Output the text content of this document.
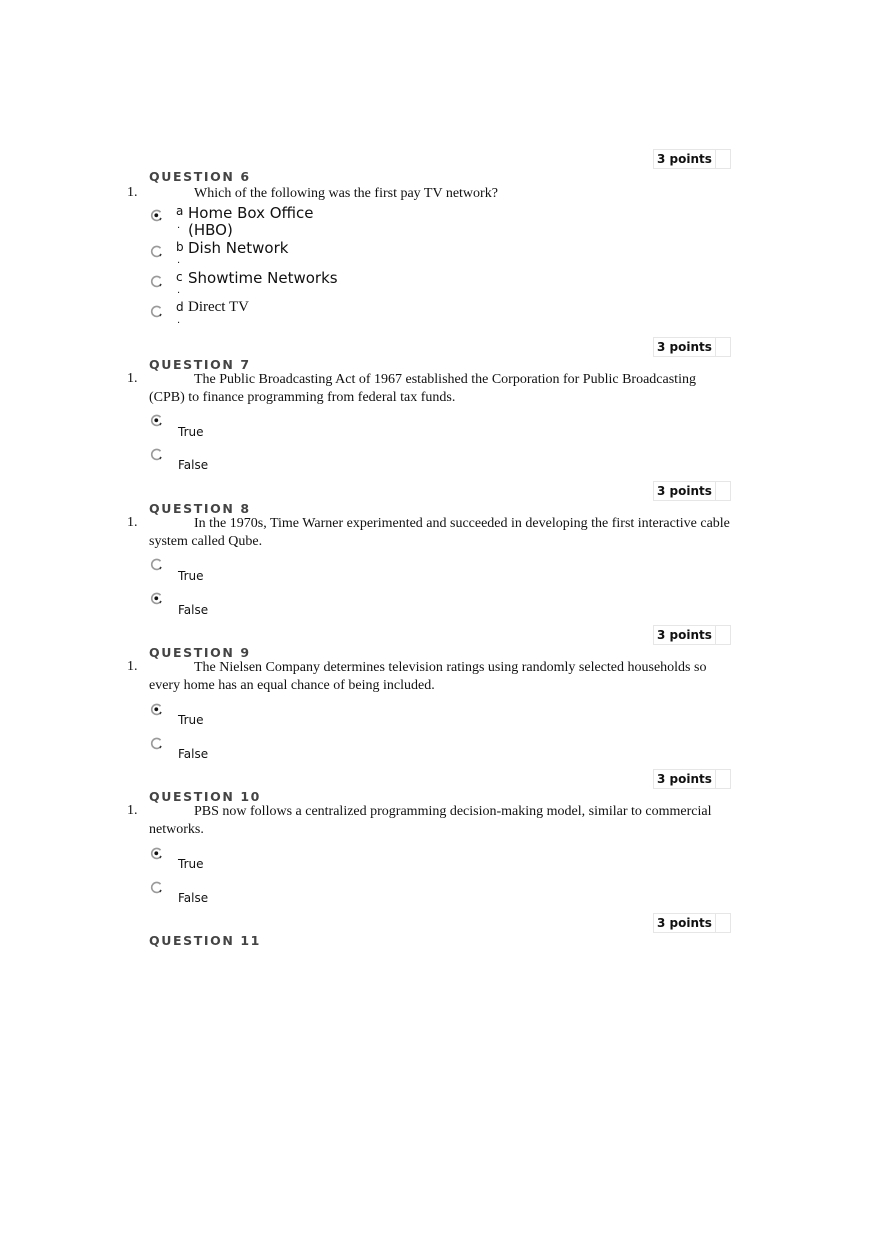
3 points
QUESTION 6
1.	Which of the following was the first pay TV network?
a
.
Home Box Office
(HBO)
b
.
Dish Network
c
.
Showtime Networks
d
.
Direct TV
3 points
QUESTION 7
1.	The Public Broadcasting Act of 1967 established the Corporation for Public Broadcasting (CPB) to finance programming from federal tax funds.
True
False
3 points
QUESTION 8
1.	In the 1970s, Time Warner experimented and succeeded in developing the first interactive cable system called Qube.
True
False
3 points
QUESTION 9
1.	The Nielsen Company determines television ratings using randomly selected households so every home has an equal chance of being included.
True
False
3 points
QUESTION 10
1.	PBS now follows a centralized programming decision-making model, similar to commercial networks.
True
False
3 points
QUESTION 11
